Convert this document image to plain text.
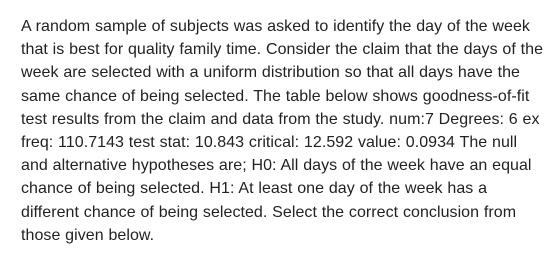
A random sample of subjects was asked to identify the day of the week that is best for quality family time. Consider the claim that the days of the week are selected with a uniform distribution so that all days have the same chance of being selected. The table below shows goodness-of-fit test results from the claim and data from the study. num:7 Degrees: 6 ex freq: 110.7143 test stat: 10.843 critical: 12.592 value: 0.0934 The null and alternative hypotheses are; H0: All days of the week have an equal chance of being selected. H1: At least one day of the week has a different chance of being selected. Select the correct conclusion from those given below.
